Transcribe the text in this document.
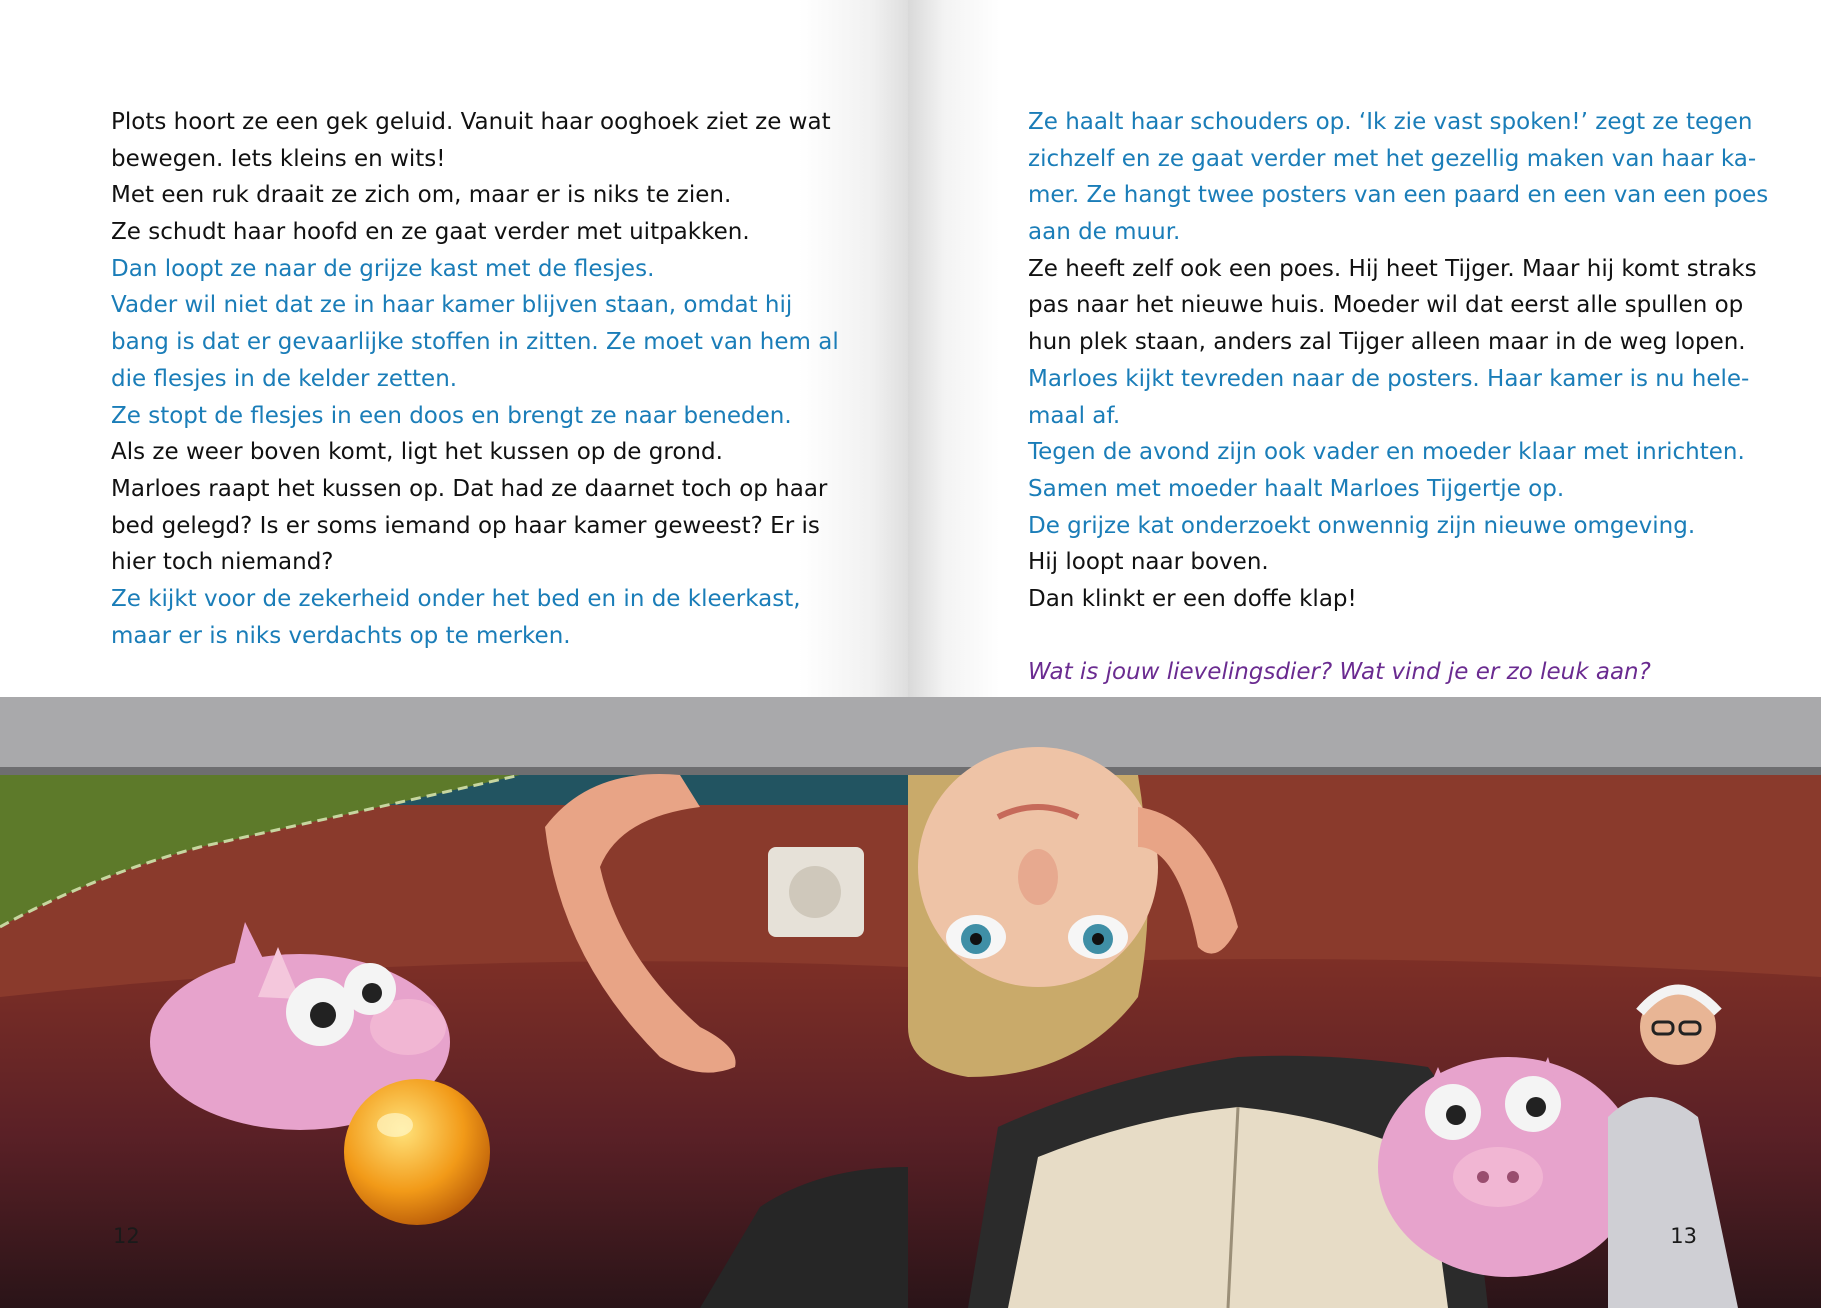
Plots hoort ze een gek geluid. Vanuit haar ooghoek ziet ze wat
bewegen. Iets kleins en wits!
Met een ruk draait ze zich om, maar er is niks te zien.
Ze schudt haar hoofd en ze gaat verder met uitpakken.
Dan loopt ze naar de grijze kast met de flesjes.
Vader wil niet dat ze in haar kamer blijven staan, omdat hij
bang is dat er gevaarlijke stoffen in zitten. Ze moet van hem al
die flesjes in de kelder zetten.
Ze stopt de flesjes in een doos en brengt ze naar beneden.
Als ze weer boven komt, ligt het kussen op de grond.
Marloes raapt het kussen op. Dat had ze daarnet toch op haar
bed gelegd? Is er soms iemand op haar kamer geweest? Er is
hier toch niemand?
Ze kijkt voor de zekerheid onder het bed en in de kleerkast,
maar er is niks verdachts op te merken.
12
Ze haalt haar schouders op. ‘Ik zie vast spoken!’ zegt ze tegen
zichzelf en ze gaat verder met het gezellig maken van haar ka-
mer. Ze hangt twee posters van een paard en een van een poes
aan de muur.
Ze heeft zelf ook een poes. Hij heet Tijger. Maar hij komt straks
pas naar het nieuwe huis. Moeder wil dat eerst alle spullen op
hun plek staan, anders zal Tijger alleen maar in de weg lopen.
Marloes kijkt tevreden naar de posters. Haar kamer is nu hele-
maal af.
Tegen de avond zijn ook vader en moeder klaar met inrichten.
Samen met moeder haalt Marloes Tijgertje op.
De grijze kat onderzoekt onwennig zijn nieuwe omgeving.
Hij loopt naar boven.
Dan klinkt er een doffe klap!
Wat is jouw lievelingsdier? Wat vind je er zo leuk aan?
13
